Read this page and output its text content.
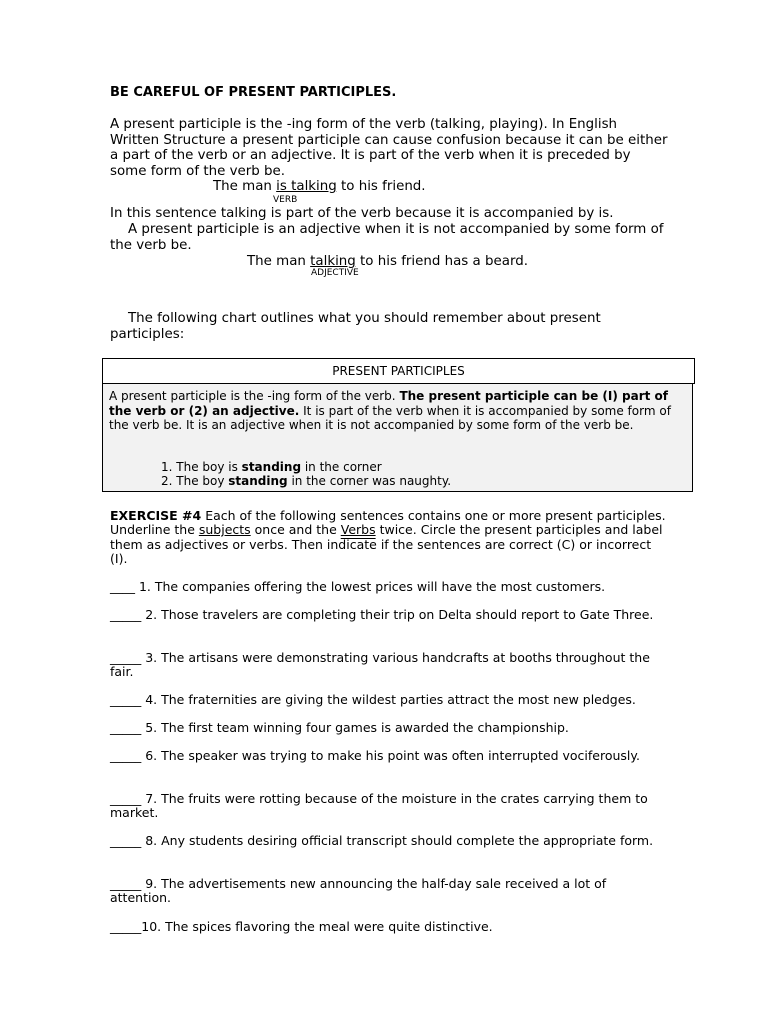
BE CAREFUL OF PRESENT PARTICIPLES.
A present participle is the -ing form of the verb (talking, playing). In English Written Structure a present participle can cause confusion because it can be either a part of the verb or an adjective. It is part of the verb when it is preceded by some form of the verb be.
The man is talking to his friend.
VERB
In this sentence talking is part of the verb because it is accompanied by is.
A present participle is an adjective when it is not accompanied by some form of the verb be.
The man talking to his friend has a beard.
ADJECTIVE
The following chart outlines what you should remember about present participles:
PRESENT PARTICIPLES
A present participle is the -ing form of the verb. The present participle can be (I) part of the verb or (2) an adjective. It is part of the verb when it is accompanied by some form of the verb be. It is an adjective when it is not accompanied by some form of the verb be.
1. The boy is standing in the corner
2. The boy standing in the corner was naughty.
EXERCISE #4 Each of the following sentences contains one or more present participles. Underline the subjects once and the Verbs twice. Circle the present participles and label them as adjectives or verbs. Then indicate if the sentences are correct (C) or incorrect (I).
____ 1. The companies offering the lowest prices will have the most customers.
_____ 2. Those travelers are completing their trip on Delta should report to Gate Three.
_____ 3. The artisans were demonstrating various handcrafts at booths throughout the fair.
_____ 4. The fraternities are giving the wildest parties attract the most new pledges.
_____ 5. The first team winning four games is awarded the championship.
_____ 6. The speaker was trying to make his point was often interrupted vociferously.
_____ 7. The fruits were rotting because of the moisture in the crates carrying them to market.
_____ 8. Any students desiring official transcript should complete the appropriate form.
_____ 9. The advertisements new announcing the half-day sale received a lot of attention.
_____10. The spices flavoring the meal were quite distinctive.
